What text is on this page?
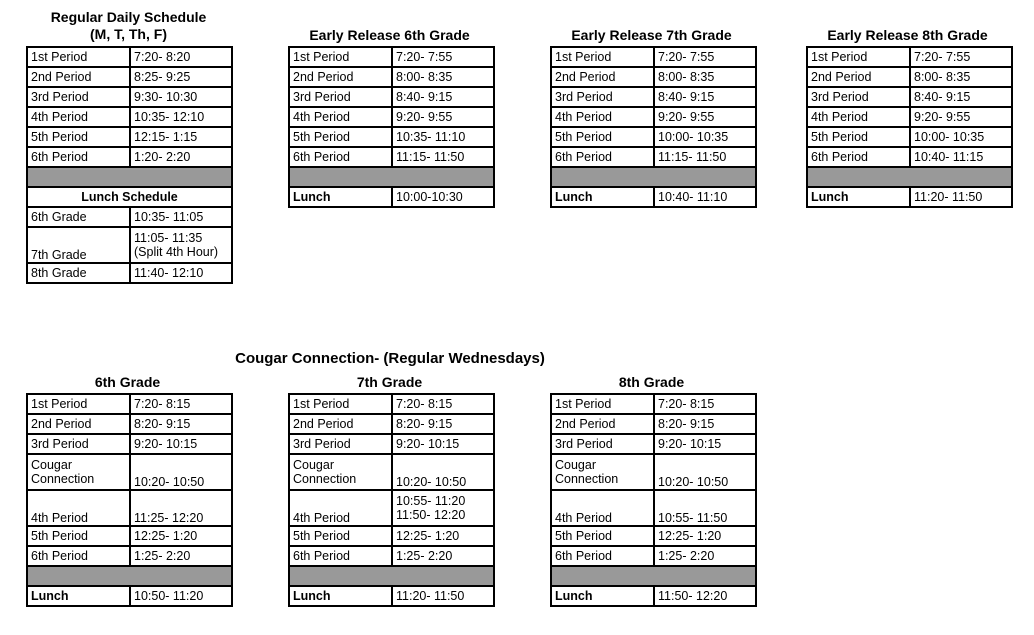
Regular Daily Schedule
(M, T, Th, F)
1st Period	7:20- 8:20
2nd Period	8:25- 9:25
3rd Period	9:30- 10:30
4th Period	10:35- 12:10
5th Period	12:15- 1:15
6th Period	1:20- 2:20

Lunch Schedule	
6th Grade	10:35- 11:05
7th Grade	11:05- 11:35
(Split 4th Hour)
8th Grade	11:40- 12:10
Early Release 6th Grade
1st Period	7:20- 7:55
2nd Period	8:00- 8:35
3rd Period	8:40- 9:15
4th Period	9:20- 9:55
5th Period	10:35- 11:10
6th Period	11:15- 11:50

Lunch	10:00-10:30
Early Release 7th Grade
1st Period	7:20- 7:55
2nd Period	8:00- 8:35
3rd Period	8:40- 9:15
4th Period	9:20- 9:55
5th Period	10:00- 10:35
6th Period	11:15- 11:50

Lunch	10:40- 11:10
Early Release 8th Grade
1st Period	7:20- 7:55
2nd Period	8:00- 8:35
3rd Period	8:40- 9:15
4th Period	9:20- 9:55
5th Period	10:00- 10:35
6th Period	10:40- 11:15

Lunch	11:20- 11:50
Cougar Connection- (Regular Wednesdays)
6th Grade
1st Period	7:20- 8:15
2nd Period	8:20- 9:15
3rd Period	9:20- 10:15
Cougar
Connection	10:20- 10:50
4th Period	11:25- 12:20
5th Period	12:25- 1:20
6th Period	1:25- 2:20

Lunch	10:50- 11:20
7th Grade
1st Period	7:20- 8:15
2nd Period	8:20- 9:15
3rd Period	9:20- 10:15
Cougar
Connection	10:20- 10:50
4th Period	10:55- 11:20
11:50- 12:20
5th Period	12:25- 1:20
6th Period	1:25- 2:20

Lunch	11:20- 11:50
8th Grade
1st Period	7:20- 8:15
2nd Period	8:20- 9:15
3rd Period	9:20- 10:15
Cougar
Connection	10:20- 10:50
4th Period	10:55- 11:50
5th Period	12:25- 1:20
6th Period	1:25- 2:20

Lunch	11:50- 12:20
